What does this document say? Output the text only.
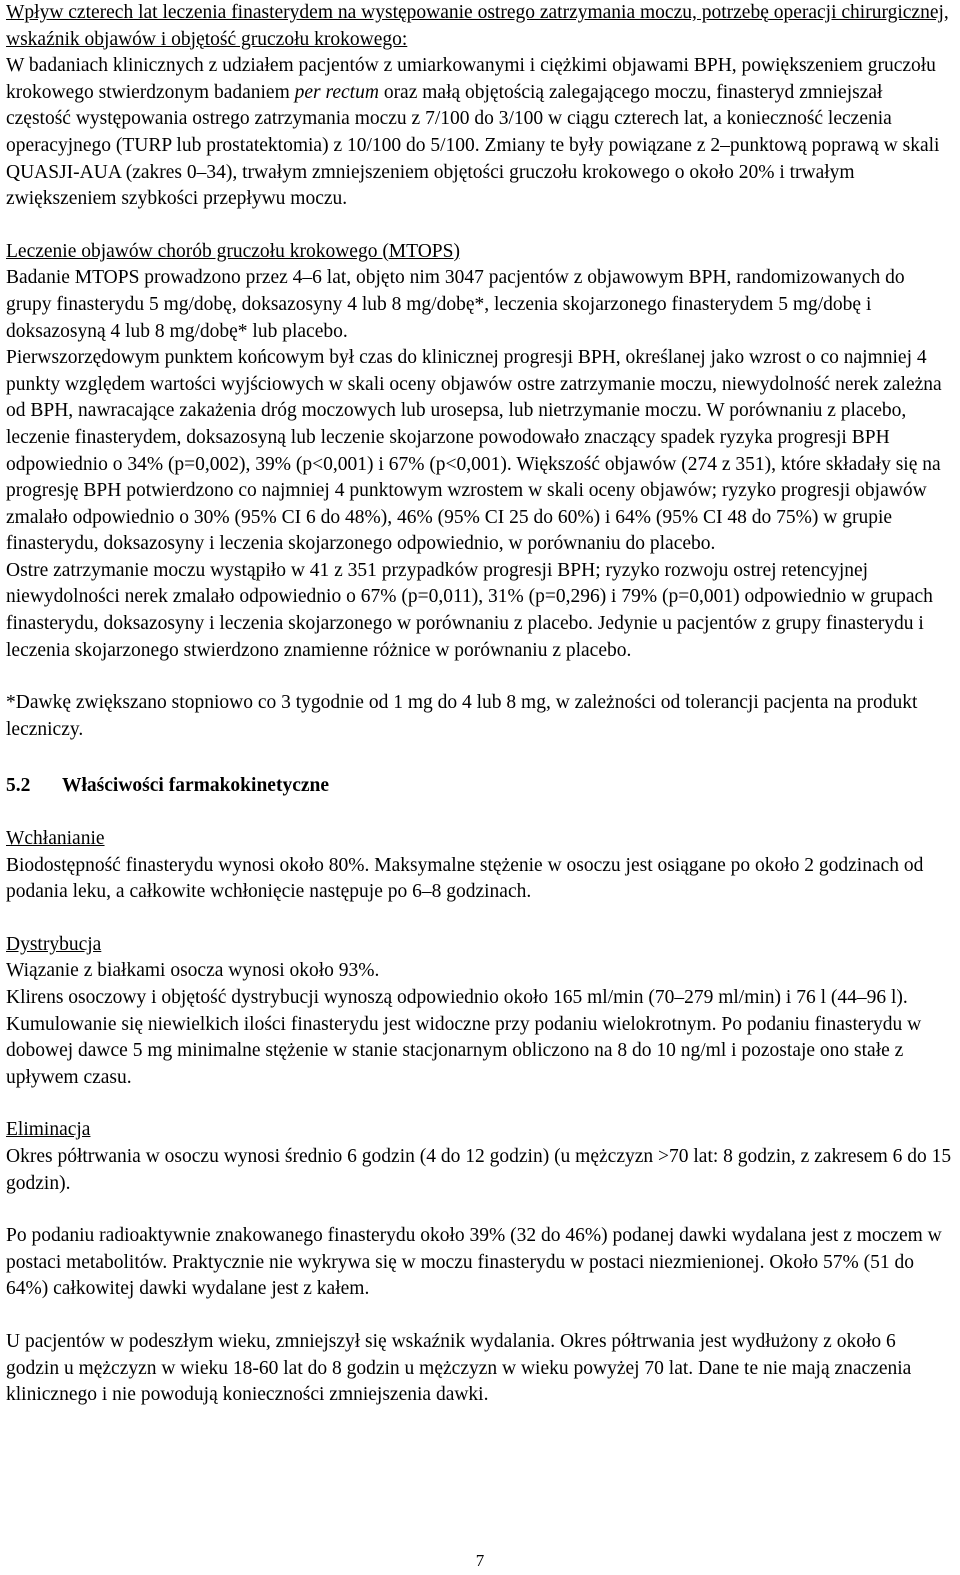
Wpływ czterech lat leczenia finasterydem na występowanie ostrego zatrzymania moczu, potrzebę operacji chirurgicznej, wskaźnik objawów i objętość gruczołu krokowego:

W badaniach klinicznych z udziałem pacjentów z umiarkowanymi i ciężkimi objawami BPH, powiększeniem gruczołu krokowego stwierdzonym badaniem per rectum oraz małą objętością zalegającego moczu, finasteryd zmniejszał częstość występowania ostrego zatrzymania moczu z 7/100 do 3/100 w ciągu czterech lat, a konieczność leczenia operacyjnego (TURP lub prostatektomia) z 10/100 do 5/100. Zmiany te były powiązane z 2–punktową poprawą w skali QUASJI-AUA (zakres 0–34), trwałym zmniejszeniem objętości gruczołu krokowego o około 20% i trwałym zwiększeniem szybkości przepływu moczu.

Leczenie objawów chorób gruczołu krokowego (MTOPS)

Badanie MTOPS prowadzono przez 4–6 lat, objęto nim 3047 pacjentów z objawowym BPH, randomizowanych do grupy finasterydu 5 mg/dobę, doksazosyny 4 lub 8 mg/dobę*, leczenia skojarzonego finasterydem 5 mg/dobę i doksazosyną 4 lub 8 mg/dobę* lub placebo.

Pierwszorzędowym punktem końcowym był czas do klinicznej progresji BPH, określanej jako wzrost o co najmniej 4 punkty względem wartości wyjściowych w skali oceny objawów ostre zatrzymanie moczu, niewydolność nerek zależna od BPH, nawracające zakażenia dróg moczowych lub urosepsa, lub nietrzymanie moczu. W porównaniu z placebo, leczenie finasterydem, doksazosyną lub leczenie skojarzone powodowało znaczący spadek ryzyka progresji BPH odpowiednio o 34% (p=0,002), 39% (p<0,001) i 67% (p<0,001). Większość objawów (274 z 351), które składały się na progresję BPH potwierdzono co najmniej 4 punktowym wzrostem w skali oceny objawów; ryzyko progresji objawów zmalało odpowiednio o 30% (95% CI 6 do 48%), 46% (95% CI 25 do 60%) i 64% (95% CI 48 do 75%) w grupie finasterydu, doksazosyny i leczenia skojarzonego odpowiednio, w porównaniu do placebo.

Ostre zatrzymanie moczu wystąpiło w 41 z 351 przypadków progresji BPH; ryzyko rozwoju ostrej retencyjnej niewydolności nerek zmalało odpowiednio o 67% (p=0,011), 31% (p=0,296) i 79% (p=0,001) odpowiednio w grupach finasterydu, doksazosyny i leczenia skojarzonego w porównaniu z placebo. Jedynie u pacjentów z grupy finasterydu i leczenia skojarzonego stwierdzono znamienne różnice w porównaniu z placebo.

*Dawkę zwiększano stopniowo co 3 tygodnie od 1 mg do 4 lub 8 mg, w zależności od tolerancji pacjenta na produkt leczniczy.

5.2	Właściwości farmakokinetyczne

Wchłanianie

Biodostępność finasterydu wynosi około 80%. Maksymalne stężenie w osoczu jest osiągane po około 2 godzinach od podania leku, a całkowite wchłonięcie następuje po 6–8 godzinach.

Dystrybucja

Wiązanie z białkami osocza wynosi około 93%.

Klirens osoczowy i objętość dystrybucji wynoszą odpowiednio około 165 ml/min (70–279 ml/min) i 76 l (44–96 l). Kumulowanie się niewielkich ilości finasterydu jest widoczne przy podaniu wielokrotnym. Po podaniu finasterydu w dobowej dawce 5 mg minimalne stężenie w stanie stacjonarnym obliczono na 8 do 10 ng/ml i pozostaje ono stałe z upływem czasu.

Eliminacja

Okres półtrwania w osoczu wynosi średnio 6 godzin (4 do 12 godzin) (u mężczyzn >70 lat: 8 godzin, z zakresem 6 do 15 godzin).

Po podaniu radioaktywnie znakowanego finasterydu około 39% (32 do 46%) podanej dawki wydalana jest z moczem w postaci metabolitów. Praktycznie nie wykrywa się w moczu finasterydu w postaci niezmienionej. Około 57% (51 do 64%) całkowitej dawki wydalane jest z kałem.

U pacjentów w podeszłym wieku, zmniejszył się wskaźnik wydalania. Okres półtrwania jest wydłużony z około 6 godzin u mężczyzn w wieku 18-60 lat do 8 godzin u mężczyzn w wieku powyżej 70 lat. Dane te nie mają znaczenia klinicznego i nie powodują konieczności zmniejszenia dawki.

7
